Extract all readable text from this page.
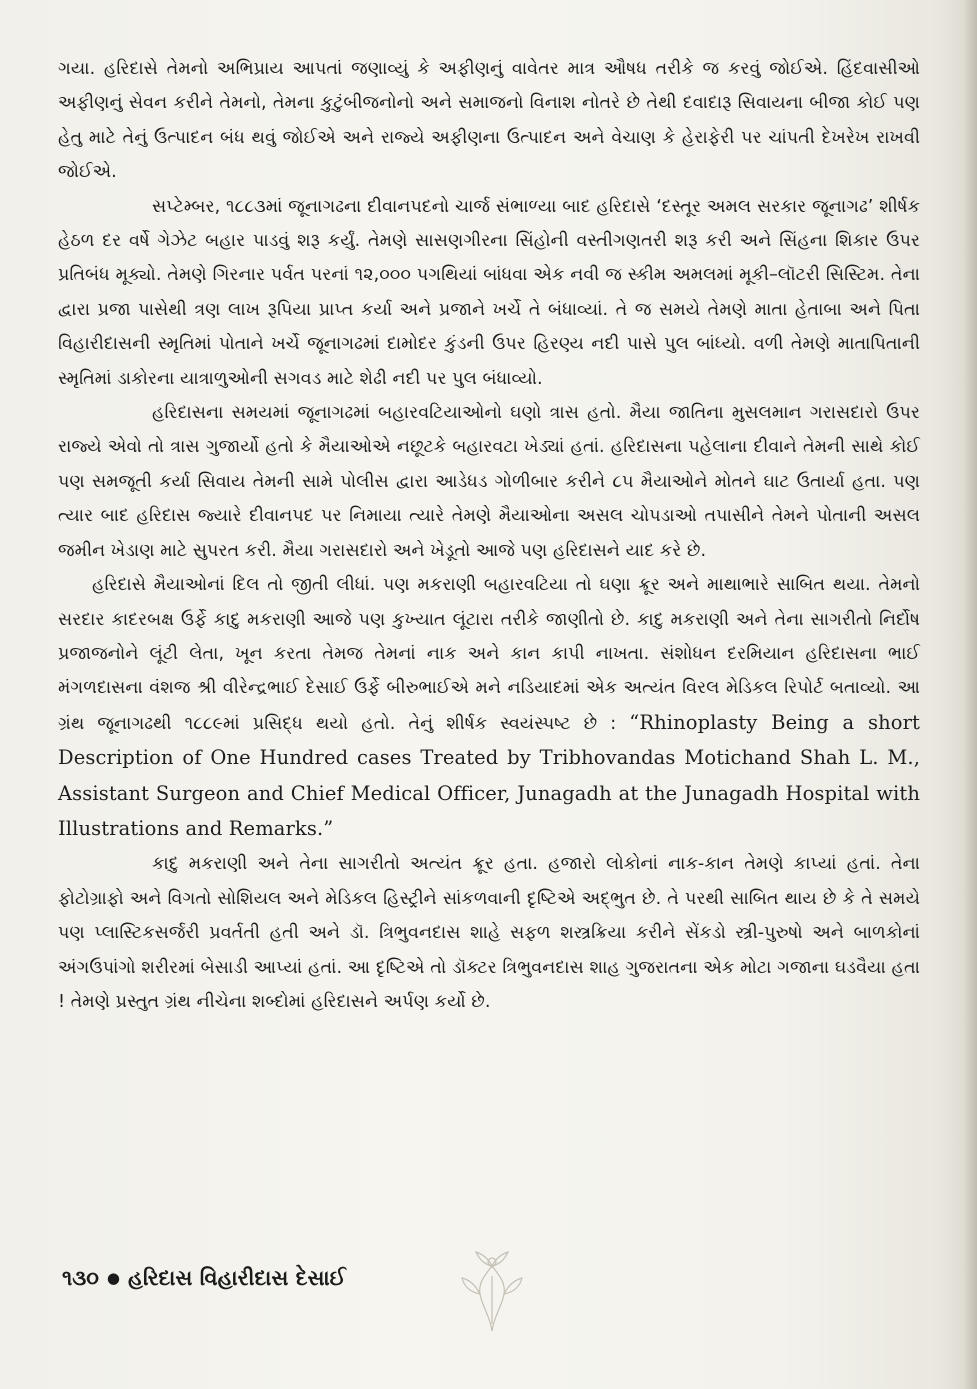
ગયા. હરિદાસે તેમનો અભિપ્રાય આપતાં જણાવ્યું કે અફીણનું વાવેતર માત્ર ઔષધ તરીકે જ કરવું જોઈએ. હિંદવાસીઓ અફીણનું સેવન કરીને તેમનો, તેમના કુટુંબીજનોનો અને સમાજનો વિનાશ નોતરે છે તેથી દવાદારૂ સિવાયના બીજા કોઈ પણ હેતુ માટે તેનું ઉત્પાદન બંધ થવું જોઈએ અને રાજ્યે અફીણના ઉત્પાદન અને વેચાણ કે હેરાફેરી પર ચાંપતી દેખરેખ રાખવી જોઈએ.

સપ્ટેમ્બર, ૧૮૮૩માં જૂનાગઢના દીવાનપદનો ચાર્જ સંભાળ્યા બાદ હરિદાસે ‘દસ્તૂર અમલ સરકાર જૂનાગઢ’ શીર્ષક હેઠળ દર વર્ષે ગેઝેટ બહાર પાડવું શરૂ કર્યું. તેમણે સાસણગીરના સિંહોની વસ્તીગણતરી શરૂ કરી અને સિંહના શિકાર ઉપર પ્રતિબંધ મૂક્યો. તેમણે ગિરનાર પર્વત પરનાં ૧૨,૦૦૦ પગથિયાં બાંધવા એક નવી જ સ્કીમ અમલમાં મૂકી–લૉટરી સિસ્ટિમ. તેના દ્વારા પ્રજા પાસેથી ત્રણ લાખ રૂપિયા પ્રાપ્ત કર્યા અને પ્રજાને ખર્ચે તે બંધાવ્યાં. તે જ સમયે તેમણે માતા હેતાબા અને પિતા વિહારીદાસની સ્મૃતિમાં પોતાને ખર્ચે જૂનાગઢમાં દામોદર કુંડની ઉપર હિરણ્ય નદી પાસે પુલ બાંધ્યો. વળી તેમણે માતાપિતાની સ્મૃતિમાં ડાકોરના યાત્રાળુઓની સગવડ માટે શેઢી નદી પર પુલ બંધાવ્યો.

હરિદાસના સમયમાં જૂનાગઢમાં બહારવટિયાઓનો ઘણો ત્રાસ હતો. મૈયા જાતિના મુસલમાન ગરાસદારો ઉપર રાજ્યે એવો તો ત્રાસ ગુજાર્યો હતો કે મૈયાઓએ નછૂટકે બહારવટા ખેડ્યાં હતાં. હરિદાસના પહેલાના દીવાને તેમની સાથે કોઈ પણ સમજૂતી કર્યા સિવાય તેમની સામે પોલીસ દ્વારા આડેધડ ગોળીબાર કરીને ૮૫ મૈયાઓને મોતને ઘાટ ઉતાર્યા હતા. પણ ત્યાર બાદ હરિદાસ જ્યારે દીવાનપદ પર નિમાયા ત્યારે તેમણે મૈયાઓના અસલ ચોપડાઓ તપાસીને તેમને પોતાની અસલ જમીન ખેડાણ માટે સુપરત કરી. મૈયા ગરાસદારો અને ખેડૂતો આજે પણ હરિદાસને યાદ કરે છે.

હરિદાસે મૈયાઓનાં દિલ તો જીતી લીધાં. પણ મકરાણી બહારવટિયા તો ઘણા ક્રૂર અને માથાભારે સાબિત થયા. તેમનો સરદાર કાદરબક્ષ ઉર્ફે કાદુ મકરાણી આજે પણ કુખ્યાત લૂંટારા તરીકે જાણીતો છે. કાદુ મકરાણી અને તેના સાગરીતો નિર્દોષ પ્રજાજનોને લૂંટી લેતા, ખૂન કરતા તેમજ તેમનાં નાક અને કાન કાપી નાખતા. સંશોધન દરમિયાન હરિદાસના ભાઈ મંગળદાસના વંશજ શ્રી વીરેન્દ્રભાઈ દેસાઈ ઉર્ફે બીરુભાઈએ મને નડિયાદમાં એક અત્યંત વિરલ મેડિકલ રિપોર્ટ બતાવ્યો. આ ગ્રંથ જૂનાગઢથી ૧૮૮૯માં પ્રસિદ્ધ થયો હતો. તેનું શીર્ષક સ્વયંસ્પષ્ટ છે : “Rhinoplasty Being a short Description of One Hundred cases Treated by Tribhovandas Motichand Shah L. M., Assistant Surgeon and Chief Medical Officer, Junagadh at the Junagadh Hospital with Illustrations and Remarks.”

કાદુ મકરાણી અને તેના સાગરીતો અત્યંત ક્રૂર હતા. હજારો લોકોનાં નાક-કાન તેમણે કાપ્યાં હતાં. તેના ફોટોગ્રાફો અને વિગતો સોશિયલ અને મેડિકલ હિસ્ટ્રીને સાંકળવાની દૃષ્ટિએ અદ્ભુત છે. તે પરથી સાબિત થાય છે કે તે સમયે પણ પ્લાસ્ટિકસર્જરી પ્રવર્તતી હતી અને ડૉ. ત્રિભુવનદાસ શાહે સફળ શસ્ત્રક્રિયા કરીને સેંકડો સ્ત્રી-પુરુષો અને બાળકોનાં અંગઉપાંગો શરીરમાં બેસાડી આપ્યાં હતાં. આ દૃષ્ટિએ તો ડૉક્ટર ત્રિભુવનદાસ શાહ ગુજરાતના એક મોટા ગજાના ઘડવૈયા હતા ! તેમણે પ્રસ્તુત ગ્રંથ નીચેના શબ્દોમાં હરિદાસને અર્પણ કર્યો છે.

૧૩૦ ● હરિદાસ વિહારીદાસ દેસાઈ
